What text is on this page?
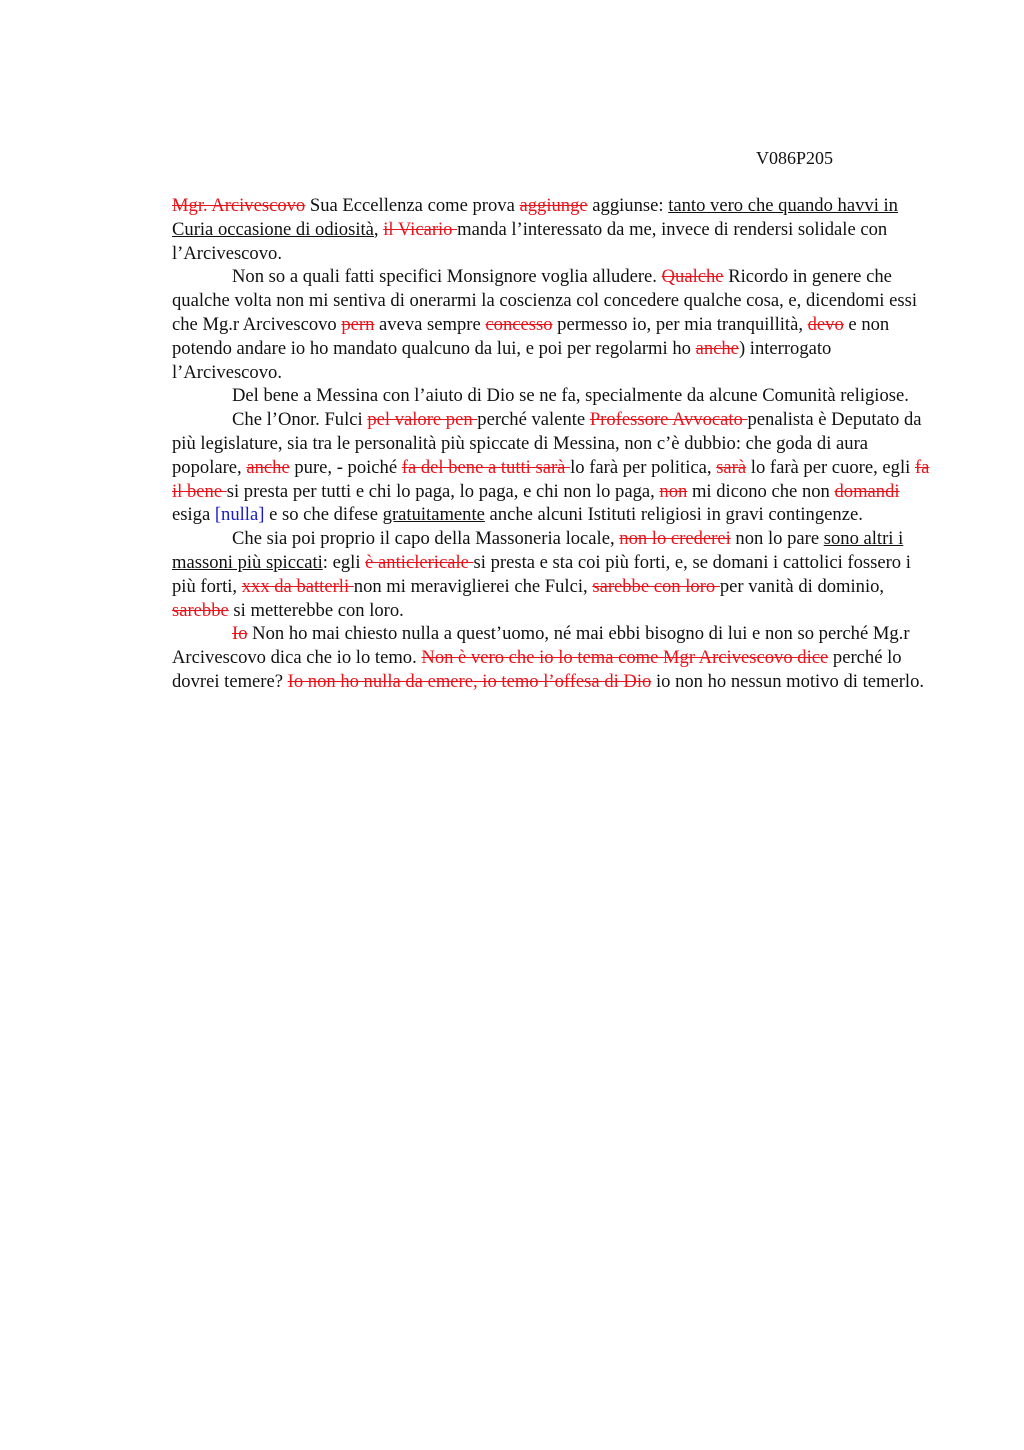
V086P205

Mgr. Arcivescovo Sua Eccellenza come prova aggiunge aggiunse: tanto vero che quando havvi in Curia occasione di odiosità, il Vicario manda l’interessato da me, invece di rendersi solidale con l’Arcivescovo.

Non so a quali fatti specifici Monsignore voglia alludere. Qualche Ricordo in genere che qualche volta non mi sentiva di onerarmi la coscienza col concedere qualche cosa, e, dicendomi essi che Mg.r Arcivescovo pern aveva sempre concesso permesso io, per mia tranquillità, devo e non potendo andare io ho mandato qualcuno da lui, e poi per regolarmi ho anche) interrogato l’Arcivescovo.

Del bene a Messina con l’aiuto di Dio se ne fa, specialmente da alcune Comunità religiose.

Che l’Onor. Fulci pel valore pen perché valente Professore Avvocato penalista è Deputato da più legislature, sia tra le personalità più spiccate di Messina, non c’è dubbio: che goda di aura popolare, anche pure, - poiché fa del bene a tutti sarà lo farà per politica, sarà lo farà per cuore, egli fa il bene si presta per tutti e chi lo paga, lo paga, e chi non lo paga, non mi dicono che non domandi esiga [nulla] e so che difese gratuitamente anche alcuni Istituti religiosi in gravi contingenze.

Che sia poi proprio il capo della Massoneria locale, non lo crederei non lo pare sono altri i massoni più spiccati: egli è anticlericale si presta e sta coi più forti, e, se domani i cattolici fossero i più forti, xxx da batterli non mi meraviglierei che Fulci, sarebbe con loro per vanità di dominio, sarebbe si metterebbe con loro.

Io Non ho mai chiesto nulla a quest’uomo, né mai ebbi bisogno di lui e non so perché Mg.r Arcivescovo dica che io lo temo. Non è vero che io lo tema come Mgr Arcivescovo dice perché lo dovrei temere? Io non ho nulla da emere, io temo l’offesa di Dio io non ho nessun motivo di temerlo.
